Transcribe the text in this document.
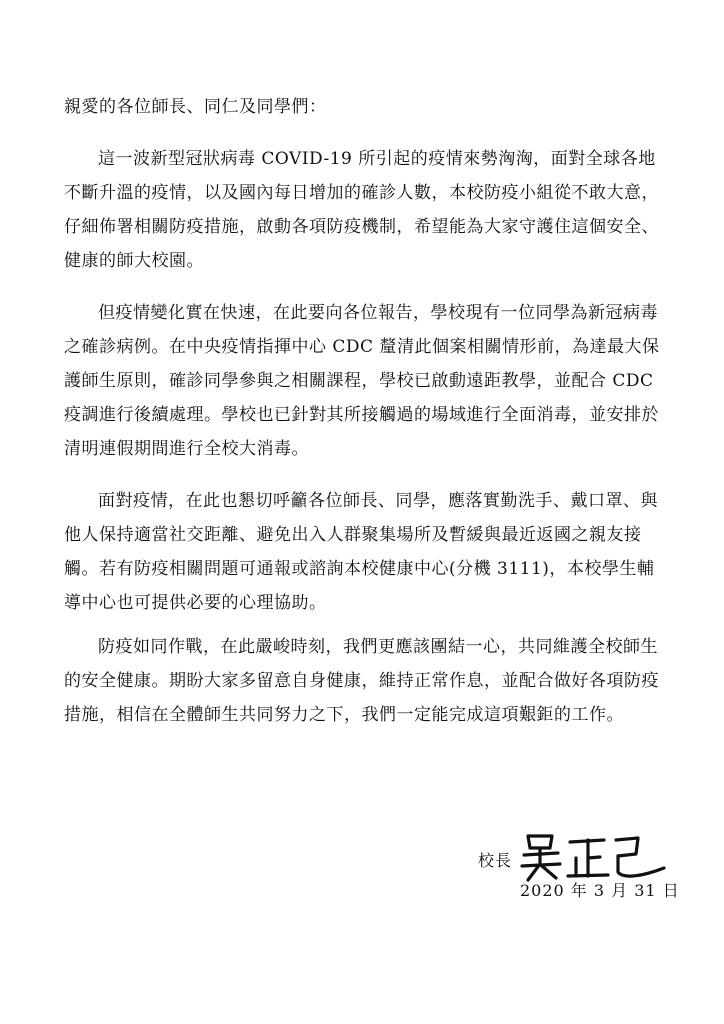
親愛的各位師長、同仁及同學們：

這一波新型冠狀病毒 COVID-19 所引起的疫情來勢洶洶，面對全球各地不斷升溫的疫情，以及國內每日增加的確診人數，本校防疫小組從不敢大意，仔細佈署相關防疫措施，啟動各項防疫機制，希望能為大家守護住這個安全、健康的師大校園。

但疫情變化實在快速，在此要向各位報告，學校現有一位同學為新冠病毒之確診病例。在中央疫情指揮中心 CDC 釐清此個案相關情形前，為達最大保護師生原則，確診同學參與之相關課程，學校已啟動遠距教學，並配合 CDC 疫調進行後續處理。學校也已針對其所接觸過的場域進行全面消毒，並安排於清明連假期間進行全校大消毒。

面對疫情，在此也懇切呼籲各位師長、同學，應落實勤洗手、戴口罩、與他人保持適當社交距離、避免出入人群聚集場所及暫緩與最近返國之親友接觸。若有防疫相關問題可通報或諮詢本校健康中心(分機 3111)，本校學生輔導中心也可提供必要的心理協助。

防疫如同作戰，在此嚴峻時刻，我們更應該團結一心，共同維護全校師生的安全健康。期盼大家多留意自身健康，維持正常作息，並配合做好各項防疫措施，相信在全體師生共同努力之下，我們一定能完成這項艱鉅的工作。

校長
2020 年 3 月 31 日
